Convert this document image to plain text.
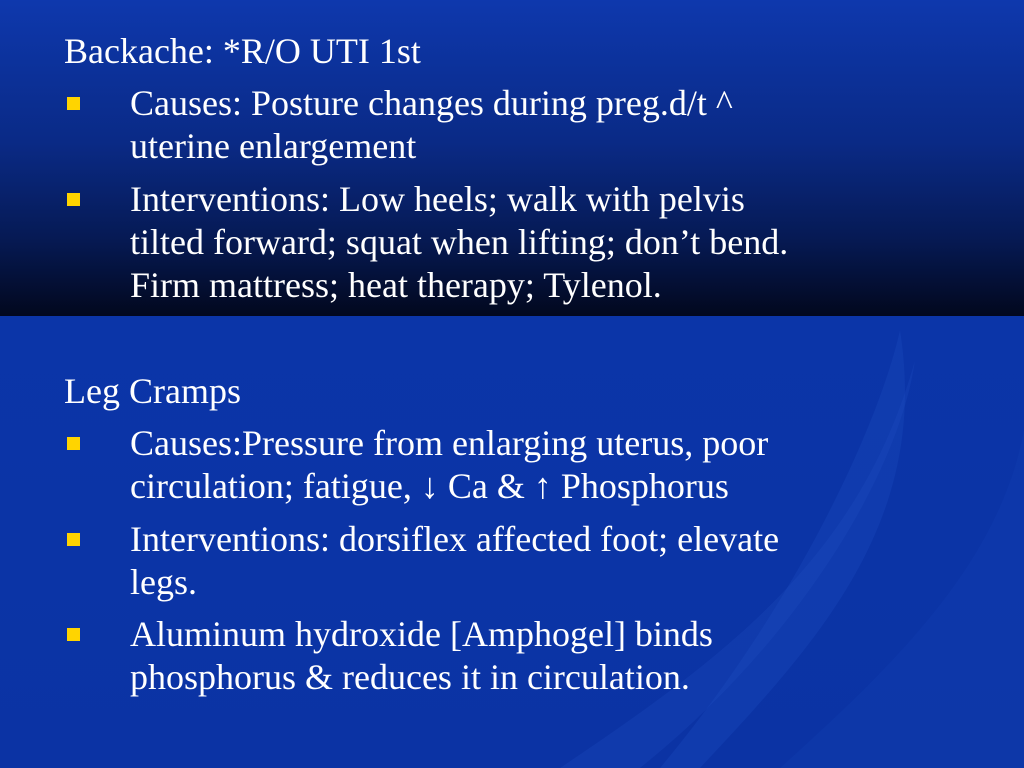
Backache: *R/O UTI 1st
Causes: Posture changes during preg.d/t ^
uterine enlargement
Interventions: Low heels; walk with pelvis
tilted forward; squat when lifting; don’t bend.
Firm mattress; heat therapy; Tylenol.
Leg Cramps
Causes:Pressure from enlarging uterus, poor
circulation; fatigue, ↓ Ca & ↑ Phosphorus
Interventions: dorsiflex affected foot; elevate
legs.
Aluminum hydroxide [Amphogel] binds
phosphorus & reduces it in circulation.
